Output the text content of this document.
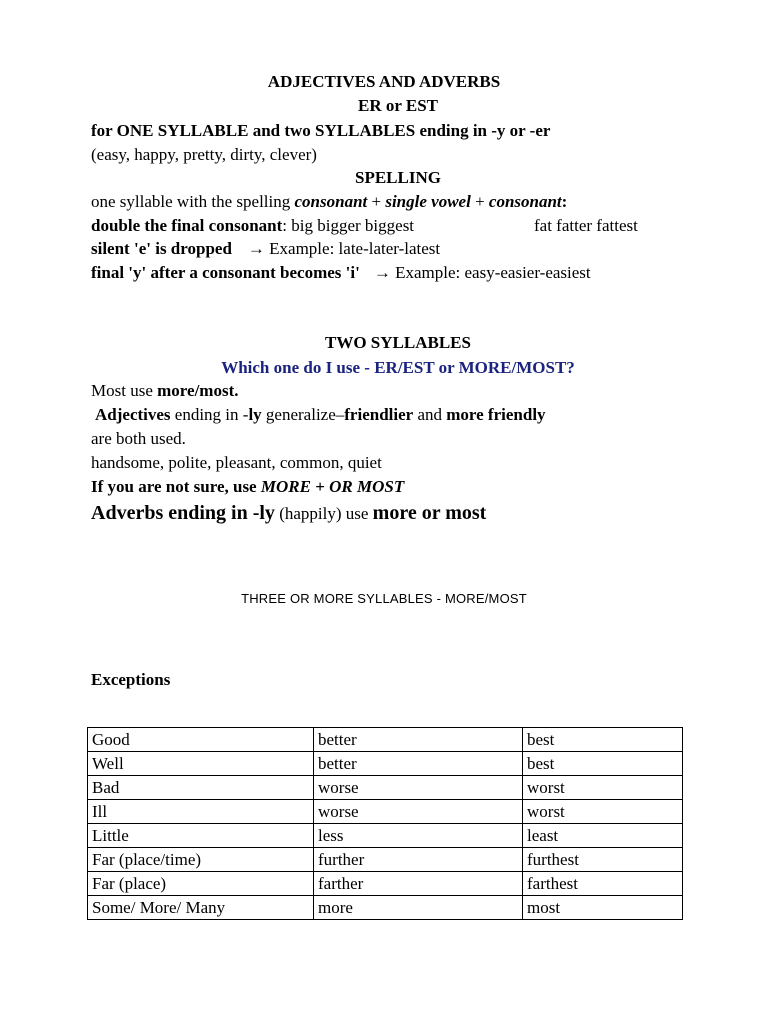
ADJECTIVES AND ADVERBS
ER or EST
for ONE SYLLABLE and two SYLLABLES ending in -y or -er
(easy, happy, pretty, dirty, clever)
SPELLING
one syllable with the spelling consonant + single vowel + consonant:
double the final consonant: big bigger biggest	fat fatter fattest
silent 'e' is dropped → Example: late-later-latest
final 'y' after a consonant becomes 'i' → Example: easy-easier-easiest
TWO SYLLABLES
Which one do I use - ER/EST or MORE/MOST?
Most use more/most.
Adjectives ending in -ly generalize–friendlier and more friendly
are both used.
handsome, polite, pleasant, common, quiet
If you are not sure, use MORE + OR MOST
Adverbs ending in -ly (happily) use more or most
THREE OR MORE SYLLABLES - MORE/MOST
Exceptions
Good	better	best
Well	better	best
Bad	worse	worst
Ill	worse	worst
Little	less	least
Far (place/time)	further	furthest
Far (place)	farther	farthest
Some/ More/ Many	more	most
